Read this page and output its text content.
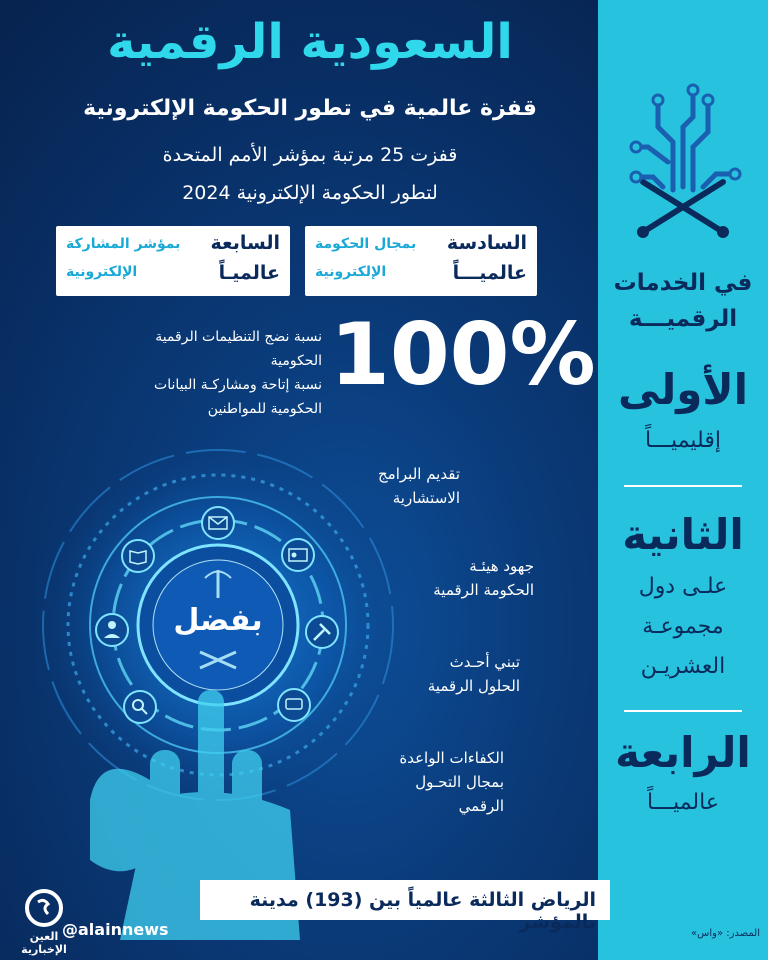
في الخدمات
الرقميـــة
الأولى
إقليميـــاً
الثانية
علـى دول
مجموعـة
العشريـن
الرابعة
عالميـــاً
المصدر: «واس»
السعودية الرقمية
قفزة عالمية في تطور الحكومة الإلكترونية
قفزت 25 مرتبة بمؤشر الأمم المتحدة
لتطور الحكومة الإلكترونية 2024
السادسة
عالميـــاً
بمجال الحكومة
الإلكترونية
السابعة
عالميـاً
بمؤشر المشاركة
الإلكترونية
100%
نسبة نضج التنظيمات الرقمية الحكومية
نسبة إتاحة ومشاركـة البيانات
الحكومية للمواطنين
بفضل
تقديم البرامج
الاستشارية
جهود هيئـة
الحكومة الرقمية
تبني أحـدث
الحلول الرقمية
الكفاءات الواعدة
بمجال التحـول
الرقمي
الرياض الثالثة عالمياً بين (193) مدينة بالمؤشر
العين الإخبارية
@alainnews
